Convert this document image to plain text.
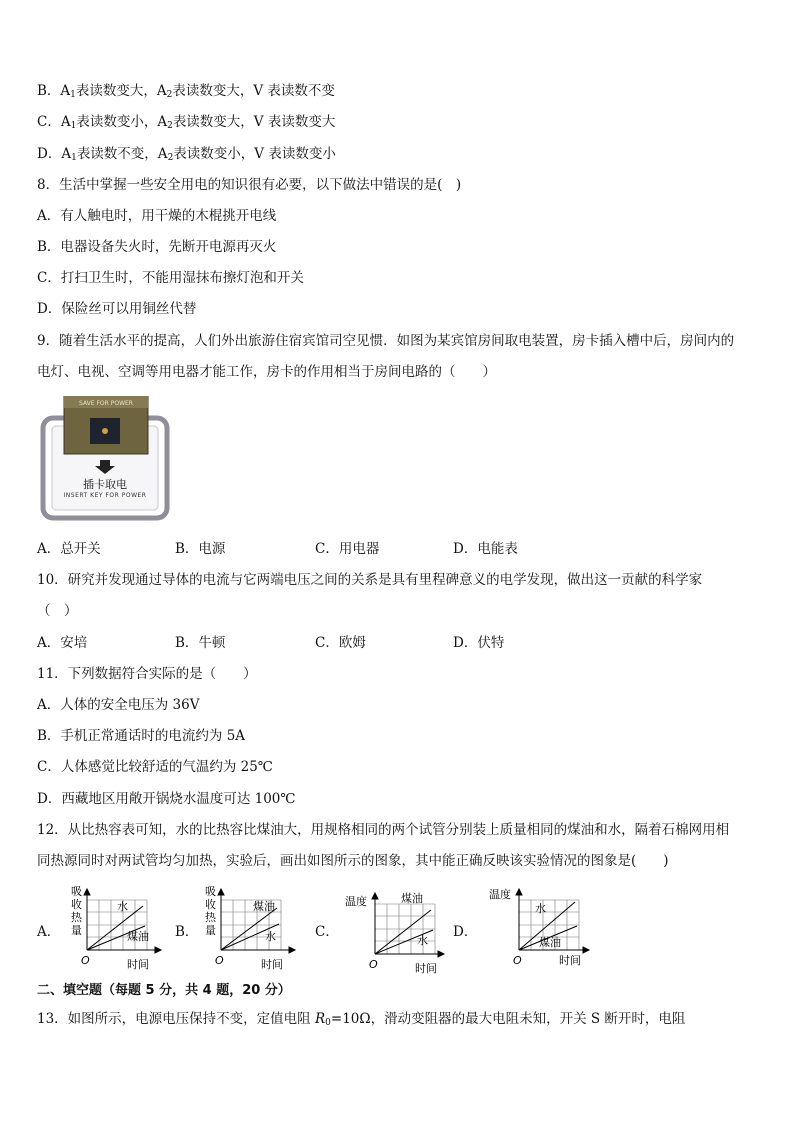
B．$A_1$表读数变大，$A_2$表读数变大，V 表读数不变
C．$A_1$表读数变小，$A_2$表读数变大，V 表读数变大
D．$A_1$表读数不变，$A_2$表读数变小，V 表读数变小
8．生活中掌握一些安全用电的知识很有必要，以下做法中错误的是(　)
A．有人触电时，用干燥的木棍挑开电线
B．电器设备失火时，先断开电源再灭火
C．打扫卫生时，不能用湿抹布擦灯泡和开关
D．保险丝可以用铜丝代替
9．随着生活水平的提高，人们外出旅游住宿宾馆司空见惯．如图为某宾馆房间取电装置，房卡插入槽中后，房间内的
电灯、电视、空调等用电器才能工作，房卡的作用相当于房间电路的（　　）
SAVE FOR POWER
插卡取电
INSERT KEY FOR POWER
A．总开关	B．电源	C．用电器	D．电能表
10．研究并发现通过导体的电流与它两端电压之间的关系是具有里程碑意义的电学发现，做出这一贡献的科学家
（　）
A．安培	B．牛顿	C．欧姆	D．伏特
11．下列数据符合实际的是（　　）
A．人体的安全电压为 36V
B．手机正常通话时的电流约为 5A
C．人体感觉比较舒适的气温约为 25℃
D．西藏地区用敞开锅烧水温度可达 100℃
12．从比热容表可知，水的比热容比煤油大，用规格相同的两个试管分别装上质量相同的煤油和水，隔着石棉网用相
同热源同时对两试管均匀加热，实验后，画出如图所示的图象，其中能正确反映该实验情况的图象是(　　)
A．
吸
收
热
量
水
煤油
O	时间
B．
吸
收
热
量
煤油
水
O	时间
C．
温度	煤油
水
O	时间
D．
温度
水
煤油
O	时间
二、填空题（每题 5 分，共 4 题，20 分）
13．如图所示，电源电压保持不变，定值电阻 $R_0=10\Omega$，滑动变阻器的最大电阻未知，开关 S 断开时，电阻
